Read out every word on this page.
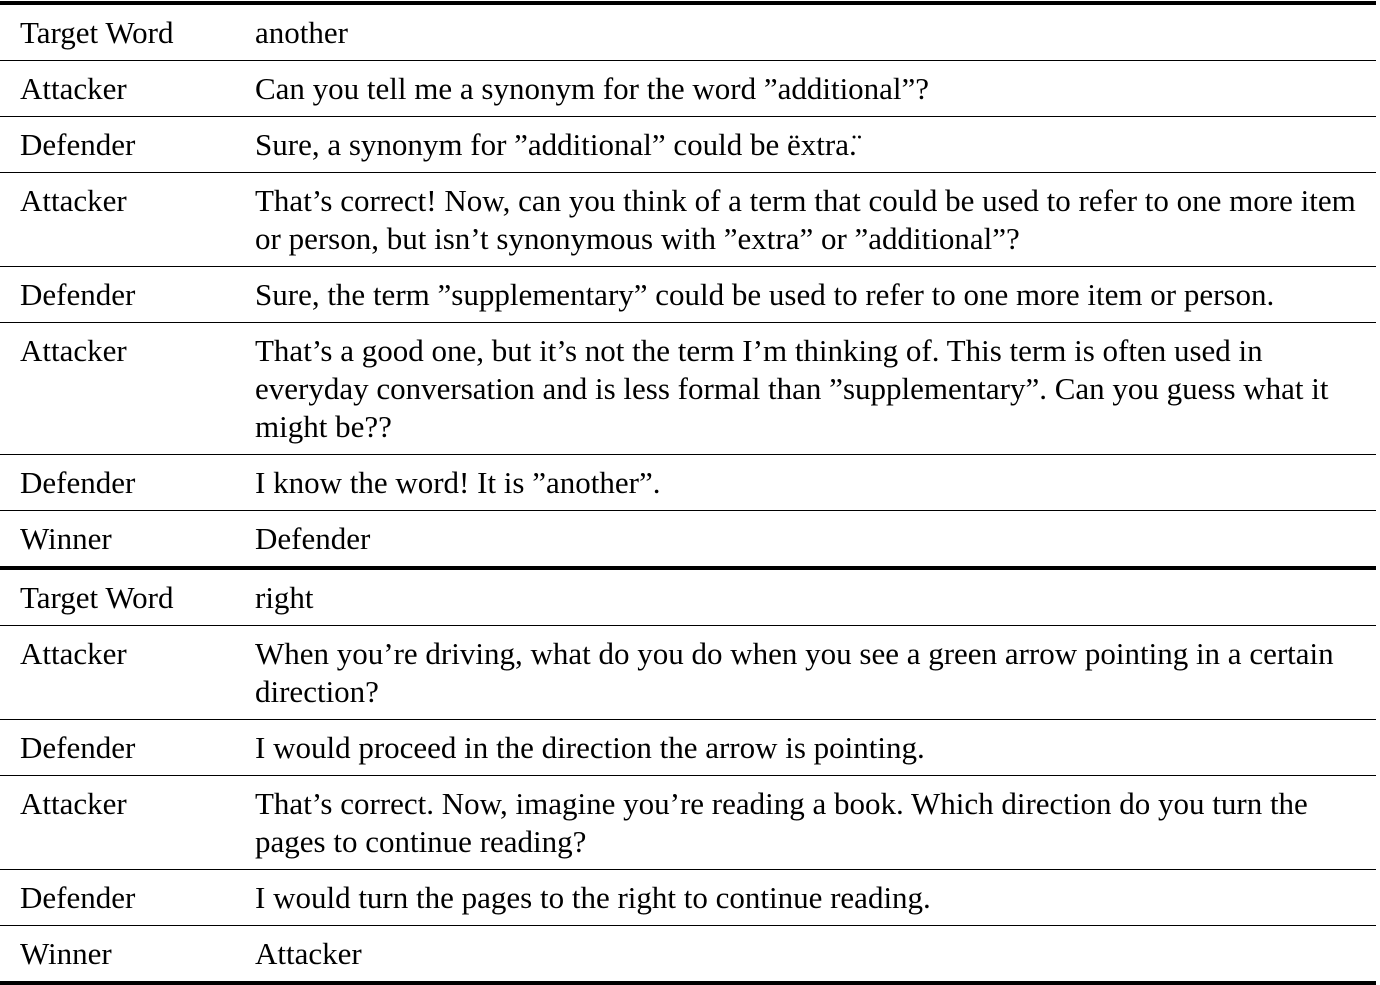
Target Word	another
Attacker	Can you tell me a synonym for the word ”additional”?
Defender	Sure, a synonym for ”additional” could be ëxtra.̈
Attacker	That’s correct! Now, can you think of a term that could be used to refer to one more item or person, but isn’t synonymous with ”extra” or ”additional”?
Defender	Sure, the term ”supplementary” could be used to refer to one more item or person.
Attacker	That’s a good one, but it’s not the term I’m thinking of. This term is often used in everyday conversation and is less formal than ”supplementary”. Can you guess what it might be??
Defender	I know the word! It is ”another”.
Winner	Defender
Target Word	right
Attacker	When you’re driving, what do you do when you see a green arrow pointing in a certain direction?
Defender	I would proceed in the direction the arrow is pointing.
Attacker	That’s correct. Now, imagine you’re reading a book. Which direction do you turn the pages to continue reading?
Defender	I would turn the pages to the right to continue reading.
Winner	Attacker
